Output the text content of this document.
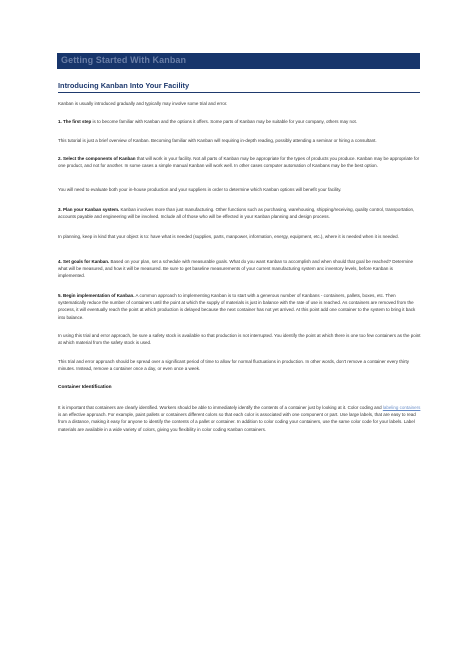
Getting Started With Kanban
Introducing Kanban Into Your Facility

Kanban is usually introduced gradually and typically may involve some trial and error.

1. The first step is to become familiar with Kanban and the options it offers. Some parts of Kanban may be suitable for your company, others may not.

This tutorial is just a brief overview of Kanban. Becoming familiar with Kanban will requiring in-depth reading, possibly attending a seminar or hiring a consultant.

2. Select the components of Kanban that will work in your facility. Not all parts of Kanban may be appropriate for the types of products you produce. Kanban may be appropriate for one product, and not for another. In some cases a simple manual Kanban will work well. In other cases computer automation of Kanbans may be the best option.

You will need to evaluate both your in-house production and your suppliers in order to determine which Kanban options will benefit your facility.

3. Plan your Kanban system. Kanban involves more than just manufacturing. Other functions such as purchasing, warehousing, shipping/receiving, quality control, transportation, accounts payable and engineering will be involved. Include all of those who will be effected in your Kanban planning and design process.

In planning, keep in kind that your object is to: have what is needed (supplies, parts, manpower, information, energy, equipment, etc.), where it is needed when it is needed.

4. Set goals for Kanban. Based on your plan, set a schedule with measurable goals. What do you want Kanban to accomplish and when should that goal be reached? Determine what will be measured, and how it will be measured. Be sure to get baseline measurements of your current manufacturing system anc inventory levels, before Kanban is implemented.

5. Begin implementation of Kanban. A common approach to implementing Kanban is to start with a generous number of Kanbans - containers, pallets, boxes, etc. Then systematically reduce the number of containers until the point at which the supply of materials is just in balance with the rate of use is reached. As containers are removed from the process, it will eventually reach the point at which production is delayed because the next container has not yet arrived. At this point add one container to the system to bring it back into balance.

In using this trial and error approach, be sure a safety stock is available so that production is not interrupted. You identify the point at which there is one too few containers as the point at which material from the safety stock is used.

This trial and error approach should be spread over a significant period of time to allow for normal fluctuations in production. In other words, don't remove a container every thirty minutes. Instead, remove a container once a day, or even once a week.

Container Identification

It is important that containers are clearly identified. Workers should be able to immediately identify the contents of a container just by looking at it. Color coding and labeling containers is an effective approach. For example, paint pallets or containers different colors so that each color is associated with one component or part. Use large labels, that are easy to read from a distance, making it easy for anyone to identify the contents of a pallet or container. In addition to color coding your containers, use the same color code for your labels. Label materials are available in a wide variety of colors, giving you flexibility in color coding Kanban containers.
